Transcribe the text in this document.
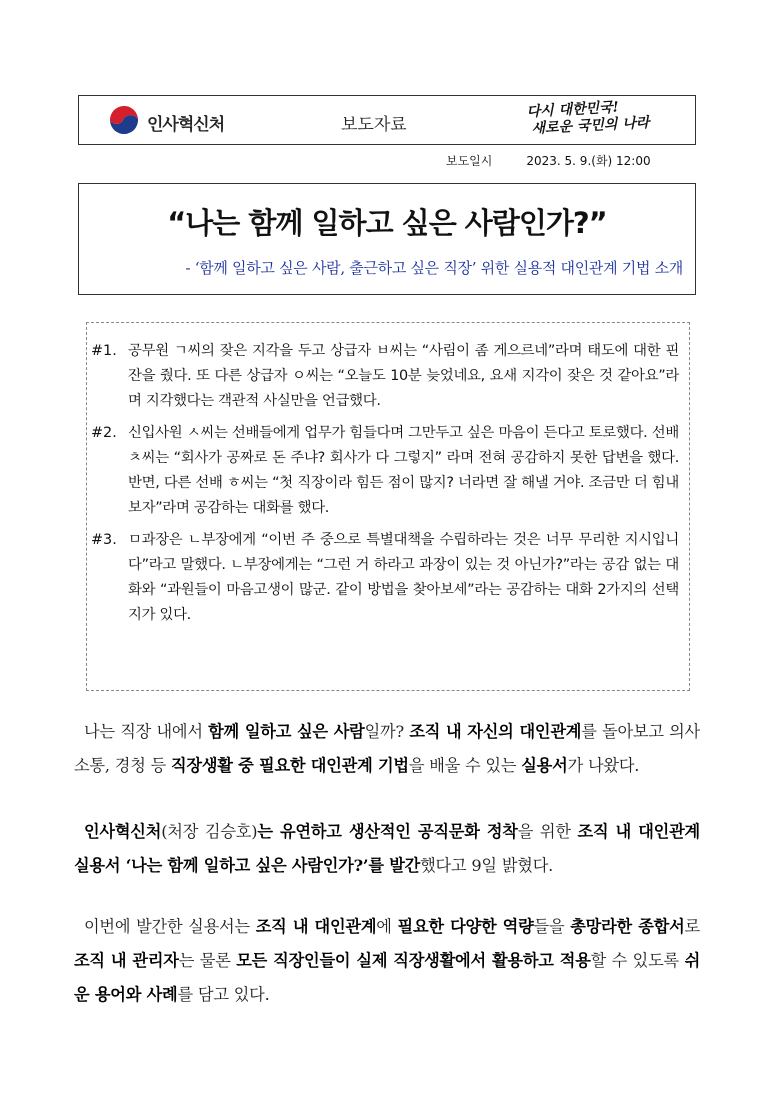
인사혁신처	보도자료
다시 대한민국!
새로운 국민의 나라
보도일시	2023. 5. 9.(화) 12:00
“나는 함께 일하고 싶은 사람인가?”
- ‘함께 일하고 싶은 사람, 출근하고 싶은 직장’ 위한 실용적 대인관계 기법 소개
#1. 공무원 ㄱ씨의 잦은 지각을 두고 상급자 ㅂ씨는 “사림이 좀 게으르네”라며 태도에 대한 핀잔을 줬다. 또 다른 상급자 ㅇ씨는 “오늘도 10분 늦었네요, 요새 지각이 잦은 것 같아요”라며 지각했다는 객관적 사실만을 언급했다.
#2. 신입사원 ㅅ씨는 선배들에게 업무가 힘들다며 그만두고 싶은 마음이 든다고 토로했다. 선배 ㅊ씨는 “회사가 공짜로 돈 주냐? 회사가 다 그렇지” 라며 전혀 공감하지 못한 답변을 했다. 반면, 다른 선배 ㅎ씨는 “첫 직장이라 힘든 점이 많지? 너라면 잘 해낼 거야. 조금만 더 힘내보자”라며 공감하는 대화를 했다.
#3. ㅁ과장은 ㄴ부장에게 “이번 주 중으로 특별대책을 수립하라는 것은 너무 무리한 지시입니다”라고 말했다. ㄴ부장에게는 “그런 거 하라고 과장이 있는 것 아닌가?”라는 공감 없는 대화와 “과원들이 마음고생이 많군. 같이 방법을 찾아보세”라는 공감하는 대화 2가지의 선택지가 있다.
나는 직장 내에서 함께 일하고 싶은 사람일까? 조직 내 자신의 대인관계를 돌아보고 의사소통, 경청 등 직장생활 중 필요한 대인관계 기법을 배울 수 있는 실용서가 나왔다.
인사혁신처(처장 김승호)는 유연하고 생산적인 공직문화 정착을 위한 조직 내 대인관계 실용서 ‘나는 함께 일하고 싶은 사람인가?’를 발간했다고 9일 밝혔다.
이번에 발간한 실용서는 조직 내 대인관계에 필요한 다양한 역량들을 총망라한 종합서로 조직 내 관리자는 물론 모든 직장인들이 실제 직장생활에서 활용하고 적용할 수 있도록 쉬운 용어와 사례를 담고 있다.
